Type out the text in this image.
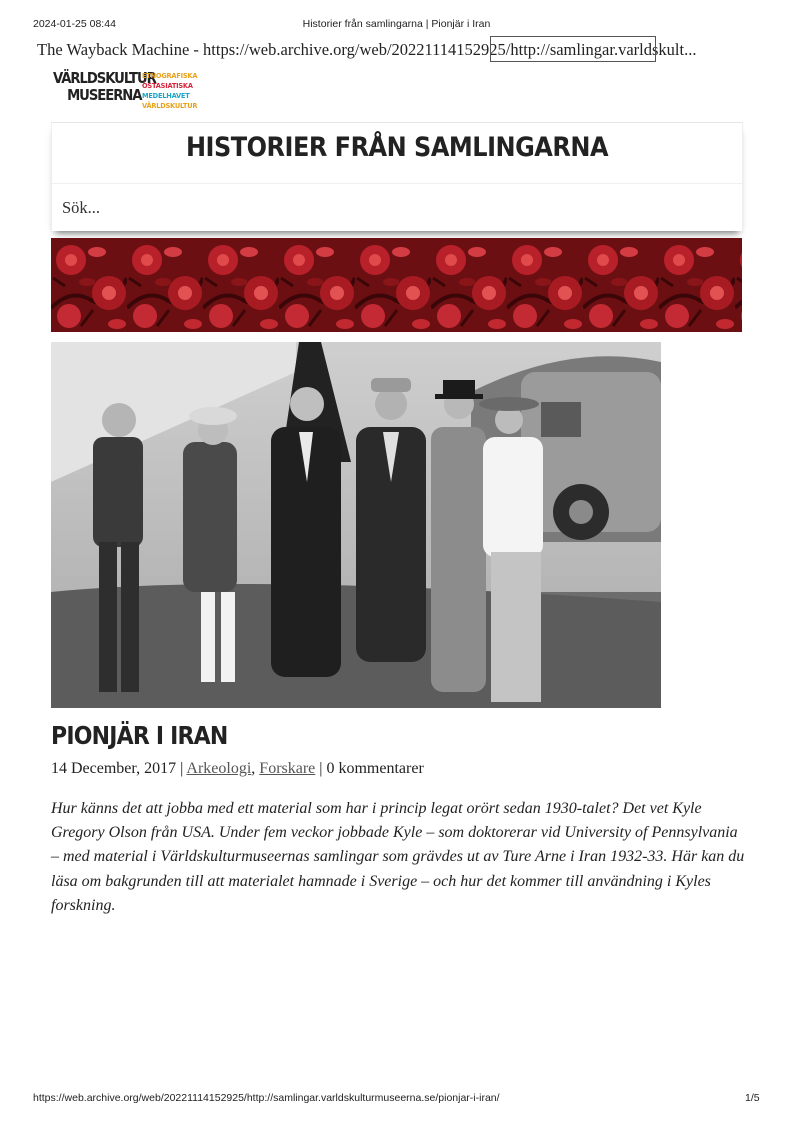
2024-01-25 08:44	Historier från samlingarna | Pionjär i Iran
The Wayback Machine - https://web.archive.org/web/20221114152925/http://samlingar.varldskult...
VÄRLDSKULTUR
MUSEERNA
ETNOGRAFISKA
ÖSTASIATISKA
MEDELHAVET
VÄRLDSKULTUR
HISTORIER FRÅN SAMLINGARNA
Sök...
PIONJÄR I IRAN
14 December, 2017 | Arkeologi, Forskare | 0 kommentarer

Hur känns det att jobba med ett material som har i princip legat orört sedan 1930-talet? Det vet Kyle Gregory Olson från USA. Under fem veckor jobbade Kyle – som doktorerar vid University of Pennsylvania – med material i Världskulturmuseernas samlingar som grävdes ut av Ture Arne i Iran 1932-33. Här kan du läsa om bakgrunden till att materialet hamnade i Sverige – och hur det kommer till användning i Kyles forskning.

https://web.archive.org/web/20221114152925/http://samlingar.varldskulturmuseerna.se/pionjar-i-iran/	1/5
